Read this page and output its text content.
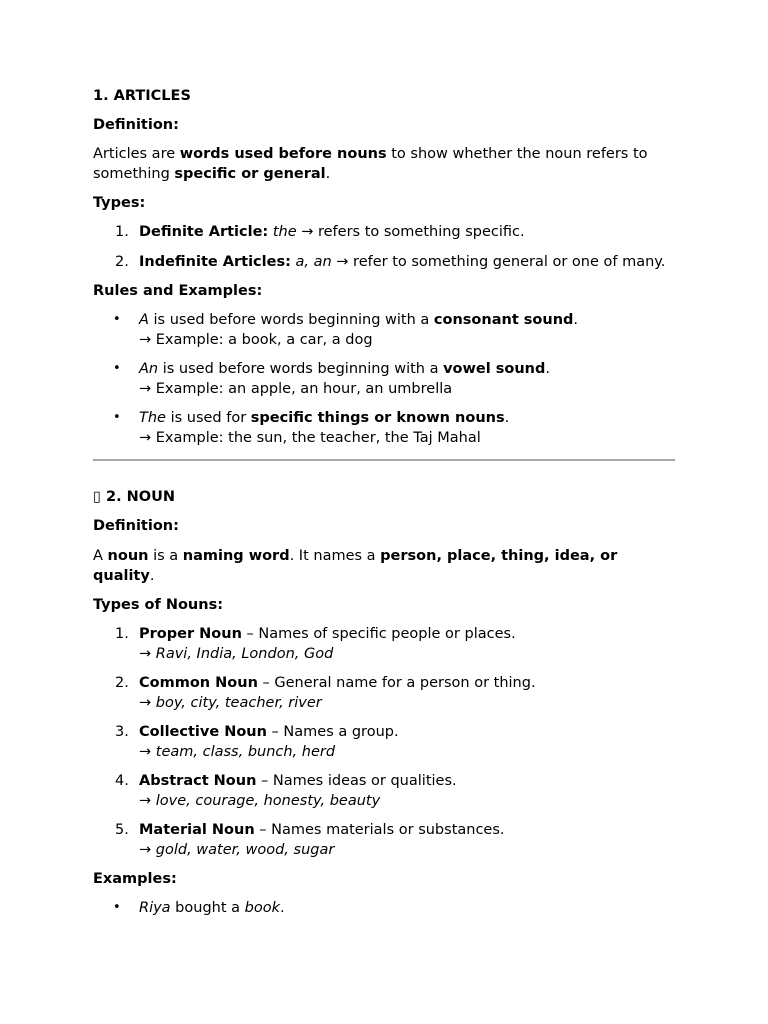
1. ARTICLES
Definition:
Articles are words used before nouns to show whether the noun refers to something specific or general.
Types:
1. Definite Article: the → refers to something specific.
2. Indefinite Articles: a, an → refer to something general or one of many.
Rules and Examples:
• A is used before words beginning with a consonant sound.
→ Example: a book, a car, a dog
• An is used before words beginning with a vowel sound.
→ Example: an apple, an hour, an umbrella
• The is used for specific things or known nouns.
→ Example: the sun, the teacher, the Taj Mahal
▯ 2. NOUN
Definition:
A noun is a naming word. It names a person, place, thing, idea, or quality.
Types of Nouns:
1. Proper Noun – Names of specific people or places.
→ Ravi, India, London, God
2. Common Noun – General name for a person or thing.
→ boy, city, teacher, river
3. Collective Noun – Names a group.
→ team, class, bunch, herd
4. Abstract Noun – Names ideas or qualities.
→ love, courage, honesty, beauty
5. Material Noun – Names materials or substances.
→ gold, water, wood, sugar
Examples:
• Riya bought a book.
